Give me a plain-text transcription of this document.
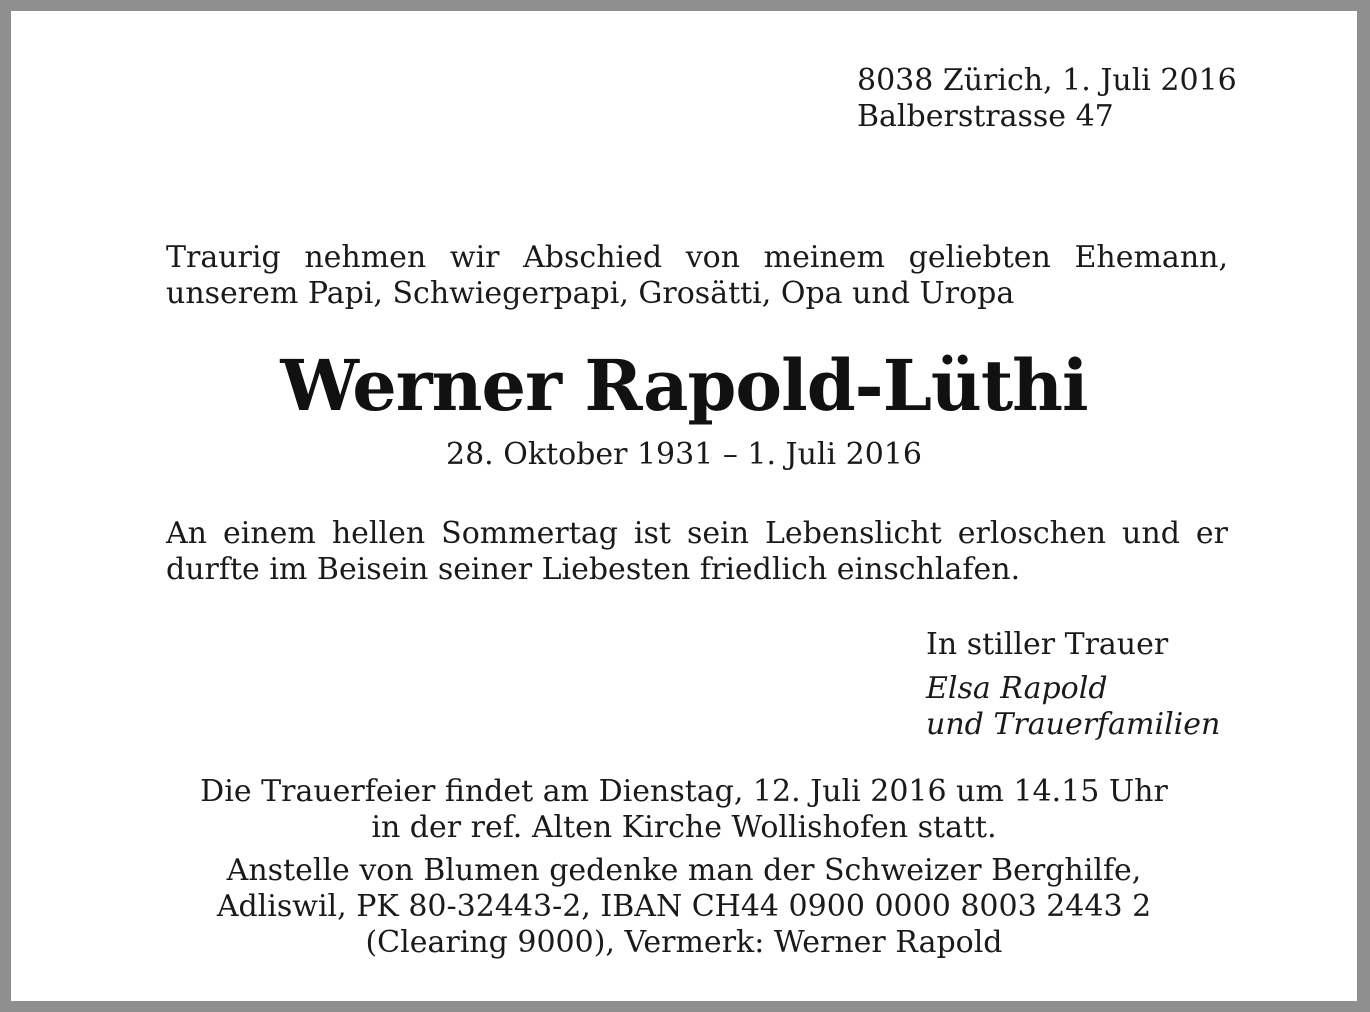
8038 Zürich, 1. Juli 2016
Balberstrasse 47
Traurig nehmen wir Abschied von meinem geliebten Ehemann,
unserem Papi, Schwiegerpapi, Grosätti, Opa und Uropa
Werner Rapold-Lüthi
28. Oktober 1931 – 1. Juli 2016
An einem hellen Sommertag ist sein Lebenslicht erloschen und er
durfte im Beisein seiner Liebesten friedlich einschlafen.
In stiller Trauer
Elsa Rapold
und Trauerfamilien
Die Trauerfeier findet am Dienstag, 12. Juli 2016 um 14.15 Uhr
in der ref. Alten Kirche Wollishofen statt.
Anstelle von Blumen gedenke man der Schweizer Berghilfe,
Adliswil, PK 80-32443-2, IBAN CH44 0900 0000 8003 2443 2
(Clearing 9000), Vermerk: Werner Rapold
